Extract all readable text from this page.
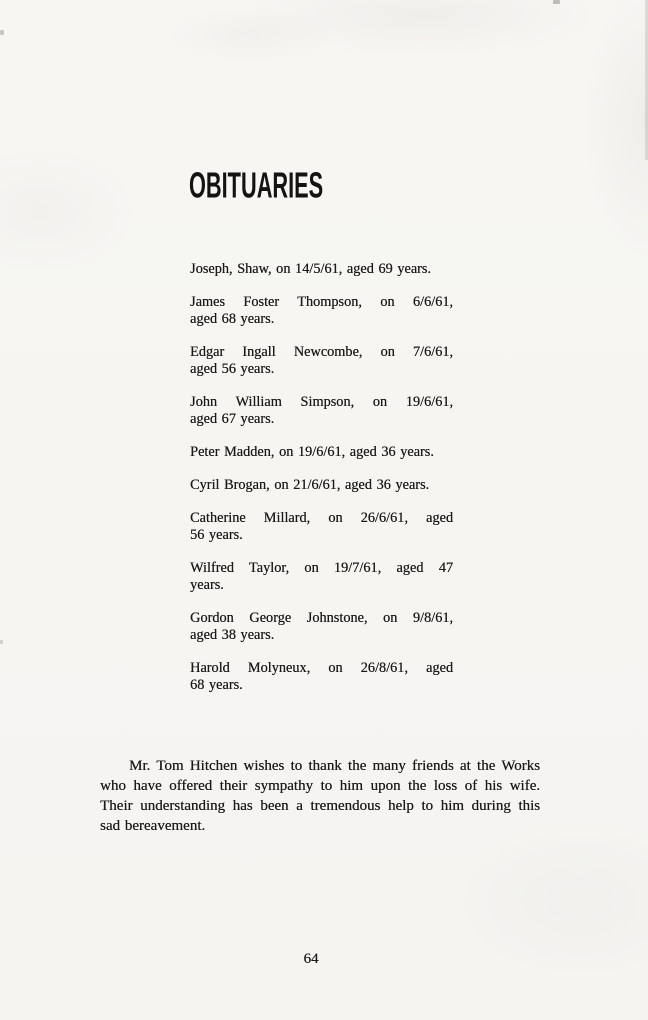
OBITUARIES
Joseph, Shaw, on 14/5/61, aged 69 years.
James Foster Thompson, on 6/6/61,
aged 68 years.
Edgar Ingall Newcombe, on 7/6/61,
aged 56 years.
John William Simpson, on 19/6/61,
aged 67 years.
Peter Madden, on 19/6/61, aged 36 years.
Cyril Brogan, on 21/6/61, aged 36 years.
Catherine Millard, on 26/6/61, aged
56 years.
Wilfred Taylor, on 19/7/61, aged 47
years.
Gordon George Johnstone, on 9/8/61,
aged 38 years.
Harold Molyneux, on 26/8/61, aged
68 years.
Mr. Tom Hitchen wishes to thank the many friends at the Works
who have offered their sympathy to him upon the loss of his wife.
Their understanding has been a tremendous help to him during this
sad bereavement.
64
